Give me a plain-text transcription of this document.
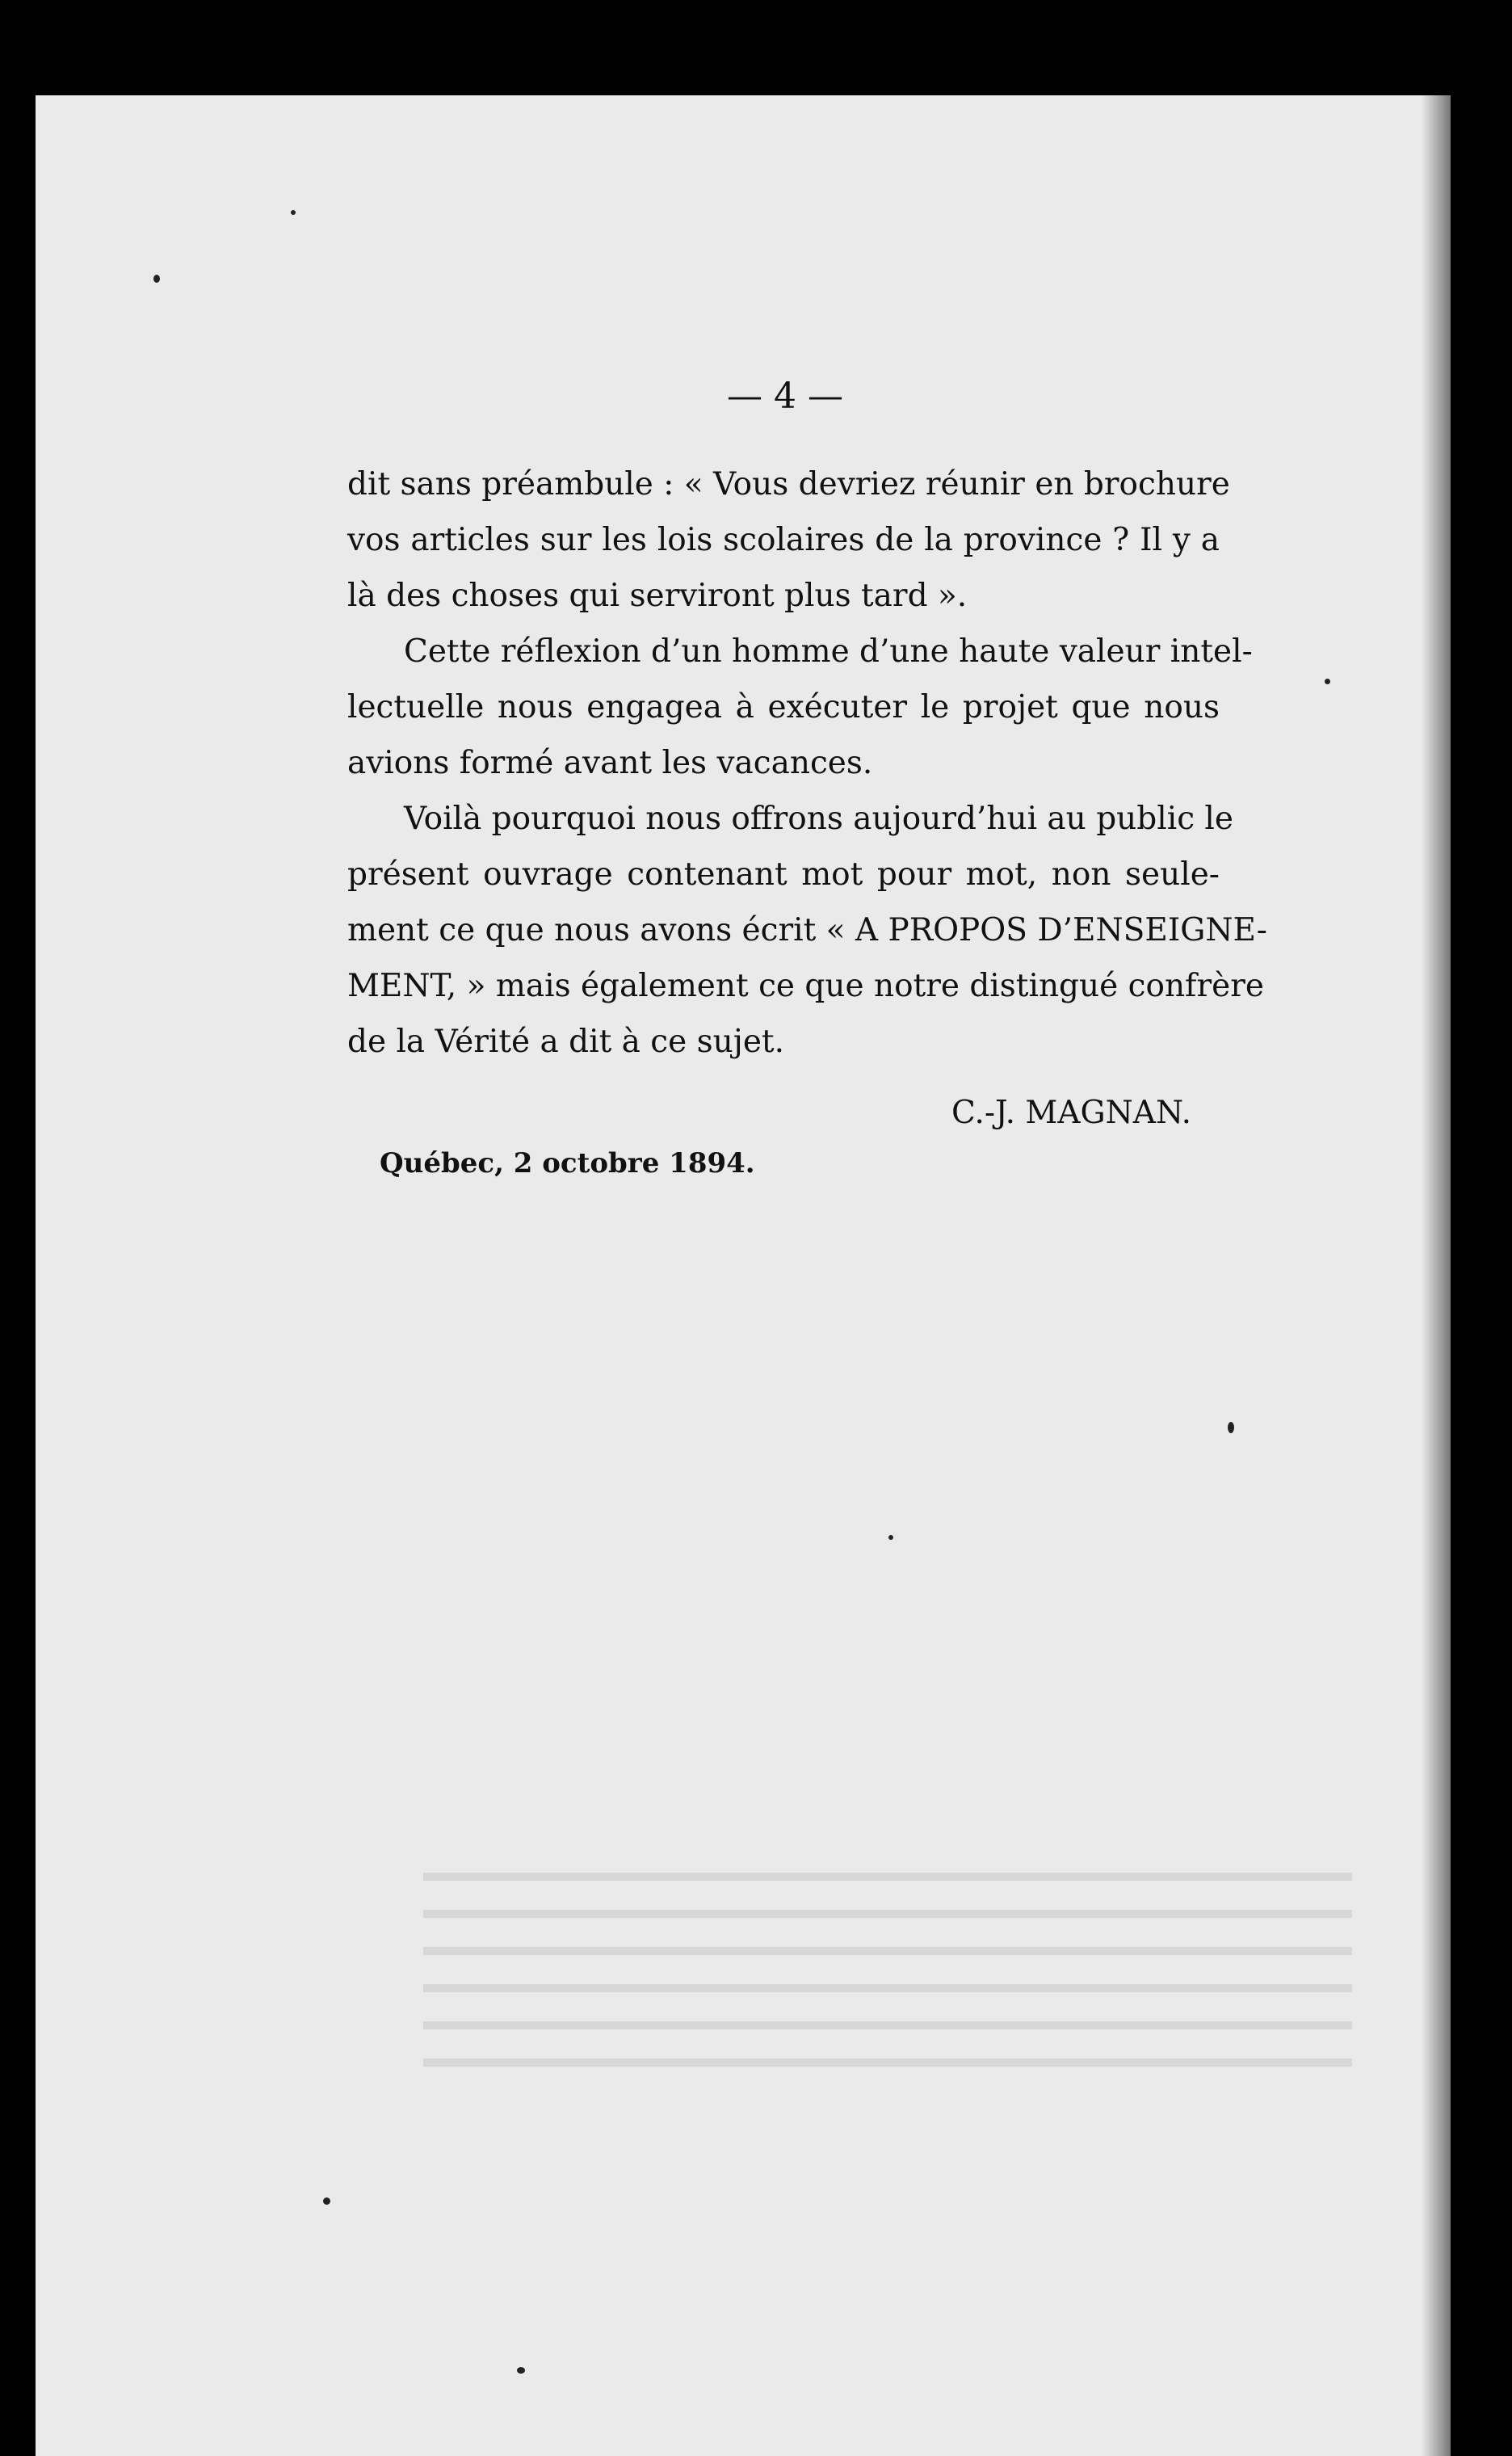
— 4 —
dit sans préambule : « Vous devriez réunir en brochure
vos articles sur les lois scolaires de la province ? Il y a
là des choses qui serviront plus tard ».
Cette réflexion d’un homme d’une haute valeur intel-
lectuelle nous engagea à exécuter le projet que nous
avions formé avant les vacances.
Voilà pourquoi nous offrons aujourd’hui au public le
présent ouvrage contenant mot pour mot, non seule-
ment ce que nous avons écrit « A PROPOS D’ENSEIGNE-
MENT, » mais également ce que notre distingué confrère
de la Vérité a dit à ce sujet.
C.-J. MAGNAN.
Québec, 2 octobre 1894.
